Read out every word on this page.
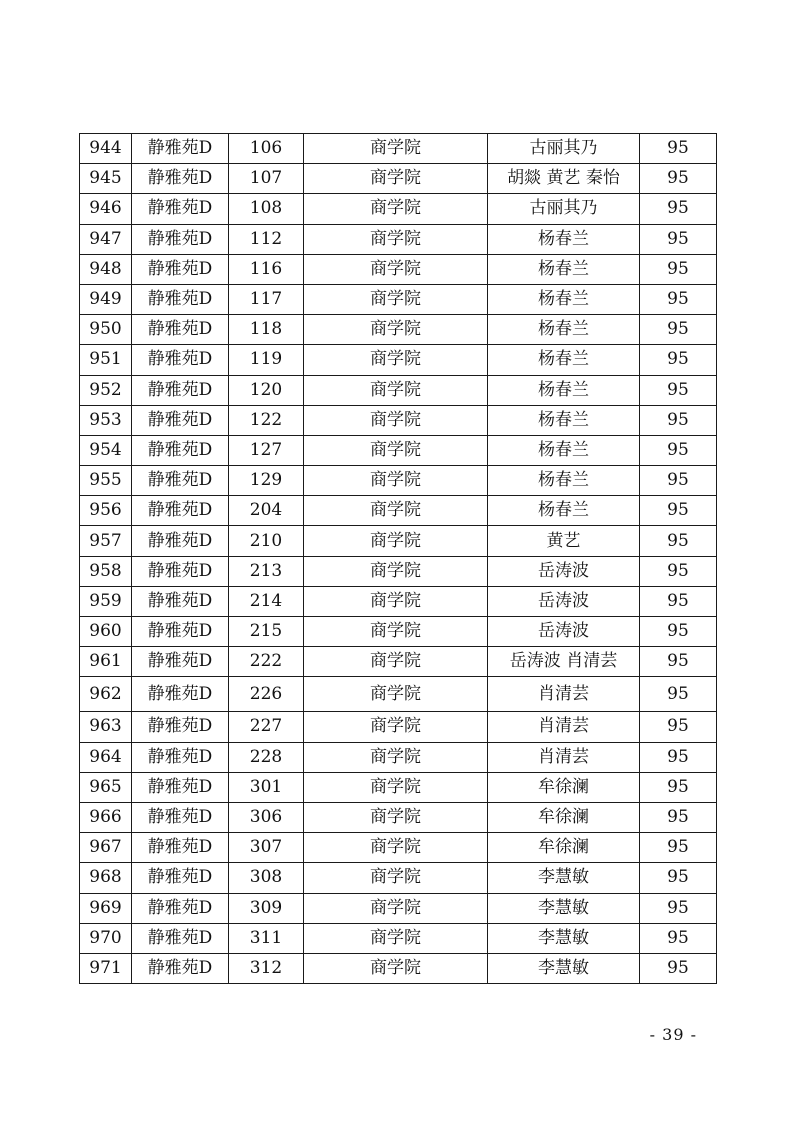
944	静雅苑D	106	商学院	古丽其乃	95
945	静雅苑D	107	商学院	胡燚 黄艺 秦怡	95
946	静雅苑D	108	商学院	古丽其乃	95
947	静雅苑D	112	商学院	杨春兰	95
948	静雅苑D	116	商学院	杨春兰	95
949	静雅苑D	117	商学院	杨春兰	95
950	静雅苑D	118	商学院	杨春兰	95
951	静雅苑D	119	商学院	杨春兰	95
952	静雅苑D	120	商学院	杨春兰	95
953	静雅苑D	122	商学院	杨春兰	95
954	静雅苑D	127	商学院	杨春兰	95
955	静雅苑D	129	商学院	杨春兰	95
956	静雅苑D	204	商学院	杨春兰	95
957	静雅苑D	210	商学院	黄艺	95
958	静雅苑D	213	商学院	岳涛波	95
959	静雅苑D	214	商学院	岳涛波	95
960	静雅苑D	215	商学院	岳涛波	95
961	静雅苑D	222	商学院	岳涛波 肖清芸	95
962	静雅苑D	226	商学院	肖清芸	95
963	静雅苑D	227	商学院	肖清芸	95
964	静雅苑D	228	商学院	肖清芸	95
965	静雅苑D	301	商学院	牟徐澜	95
966	静雅苑D	306	商学院	牟徐澜	95
967	静雅苑D	307	商学院	牟徐澜	95
968	静雅苑D	308	商学院	李慧敏	95
969	静雅苑D	309	商学院	李慧敏	95
970	静雅苑D	311	商学院	李慧敏	95
971	静雅苑D	312	商学院	李慧敏	95
- 39 -
